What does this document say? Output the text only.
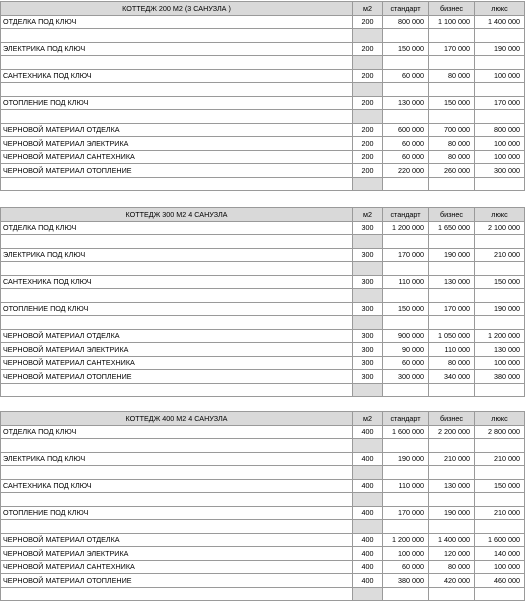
КОТТЕДЖ 200 М2 (3 САНУЗЛА )	м2	стандарт	бизнес	люкс
ОТДЕЛКА ПОД КЛЮЧ	200	800 000	1 100 000	1 400 000

ЭЛЕКТРИКА ПОД КЛЮЧ	200	150 000	170 000	190 000

САНТЕХНИКА ПОД КЛЮЧ	200	60 000	80 000	100 000

ОТОПЛЕНИЕ ПОД КЛЮЧ	200	130 000	150 000	170 000

ЧЕРНОВОЙ МАТЕРИАЛ ОТДЕЛКА	200	600 000	700 000	800 000
ЧЕРНОВОЙ МАТЕРИАЛ ЭЛЕКТРИКА	200	60 000	80 000	100 000
ЧЕРНОВОЙ МАТЕРИАЛ САНТЕХНИКА	200	60 000	80 000	100 000
ЧЕРНОВОЙ МАТЕРИАЛ ОТОПЛЕНИЕ	200	220 000	260 000	300 000

КОТТЕДЖ 300 М2 4 САНУЗЛА	м2	стандарт	бизнес	люкс
ОТДЕЛКА ПОД КЛЮЧ	300	1 200 000	1 650 000	2 100 000

ЭЛЕКТРИКА ПОД КЛЮЧ	300	170 000	190 000	210 000

САНТЕХНИКА ПОД КЛЮЧ	300	110 000	130 000	150 000

ОТОПЛЕНИЕ ПОД КЛЮЧ	300	150 000	170 000	190 000

ЧЕРНОВОЙ МАТЕРИАЛ ОТДЕЛКА	300	900 000	1 050 000	1 200 000
ЧЕРНОВОЙ МАТЕРИАЛ ЭЛЕКТРИКА	300	90 000	110 000	130 000
ЧЕРНОВОЙ МАТЕРИАЛ САНТЕХНИКА	300	60 000	80 000	100 000
ЧЕРНОВОЙ МАТЕРИАЛ ОТОПЛЕНИЕ	300	300 000	340 000	380 000

КОТТЕДЖ 400 М2 4 САНУЗЛА	м2	стандарт	бизнес	люкс
ОТДЕЛКА ПОД КЛЮЧ	400	1 600 000	2 200 000	2 800 000

ЭЛЕКТРИКА ПОД КЛЮЧ	400	190 000	210 000	210 000

САНТЕХНИКА ПОД КЛЮЧ	400	110 000	130 000	150 000

ОТОПЛЕНИЕ ПОД КЛЮЧ	400	170 000	190 000	210 000

ЧЕРНОВОЙ МАТЕРИАЛ ОТДЕЛКА	400	1 200 000	1 400 000	1 600 000
ЧЕРНОВОЙ МАТЕРИАЛ ЭЛЕКТРИКА	400	100 000	120 000	140 000
ЧЕРНОВОЙ МАТЕРИАЛ САНТЕХНИКА	400	60 000	80 000	100 000
ЧЕРНОВОЙ МАТЕРИАЛ ОТОПЛЕНИЕ	400	380 000	420 000	460 000
